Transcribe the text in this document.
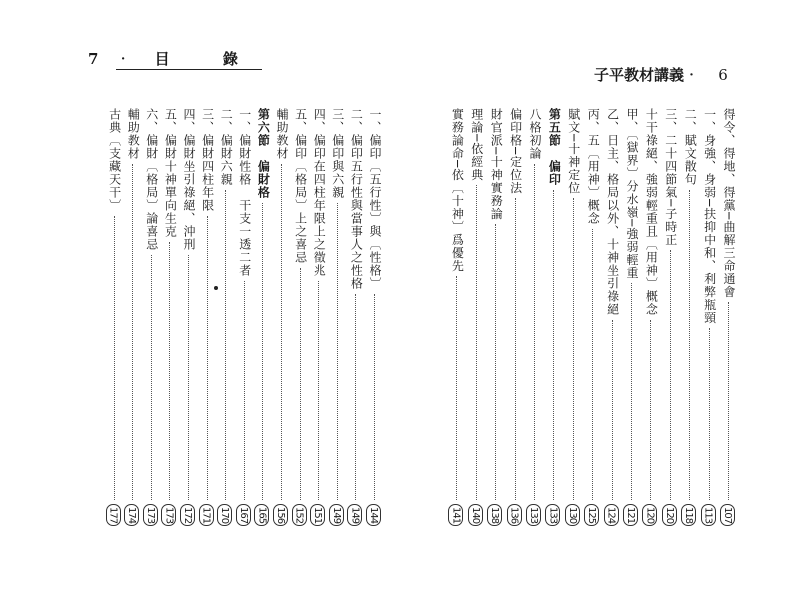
7 ‧目 錄
一、偏印〔五行性〕與〔性格〕
144
二、偏印五行性與當事人之性格
149
三、偏印與六親
149
四、偏印在四柱年限上之徵兆
151
五、偏印〔格局〕上之喜忌
152
輔助教材
156
第六節　偏財格
165
一、偏財性格　干支一透二者
167
二、偏財六親
170
三、偏財四柱年限
171
四、偏財坐引祿絕、沖刑
172
五、偏財十神單向生克
173
六、偏財〔格局〕論喜忌
173
輔助教材
174
古典〔支藏天干〕
177
子平教材講義‧ 6
得令、得地、得黨─曲解三命通會
107
一、身強、身弱─扶抑中和、利弊瓶頸
113
二、賦文散句
118
三、二十四節氣─子時正
120
十干祿絕、強弱輕重且〔用神〕概念
120
甲、〔獄界〕分水嶺─強弱輕重
121
乙、日主、格局以外、十神坐引祿絕
124
丙、五〔用神〕概念
125
賦文─十神定位
130
第五節　偏印
133
八格初論
133
偏印格─定位法
136
財官派─十神實務論
138
理論─依經典
140
實務論命─依〔十神〕爲優先
141
